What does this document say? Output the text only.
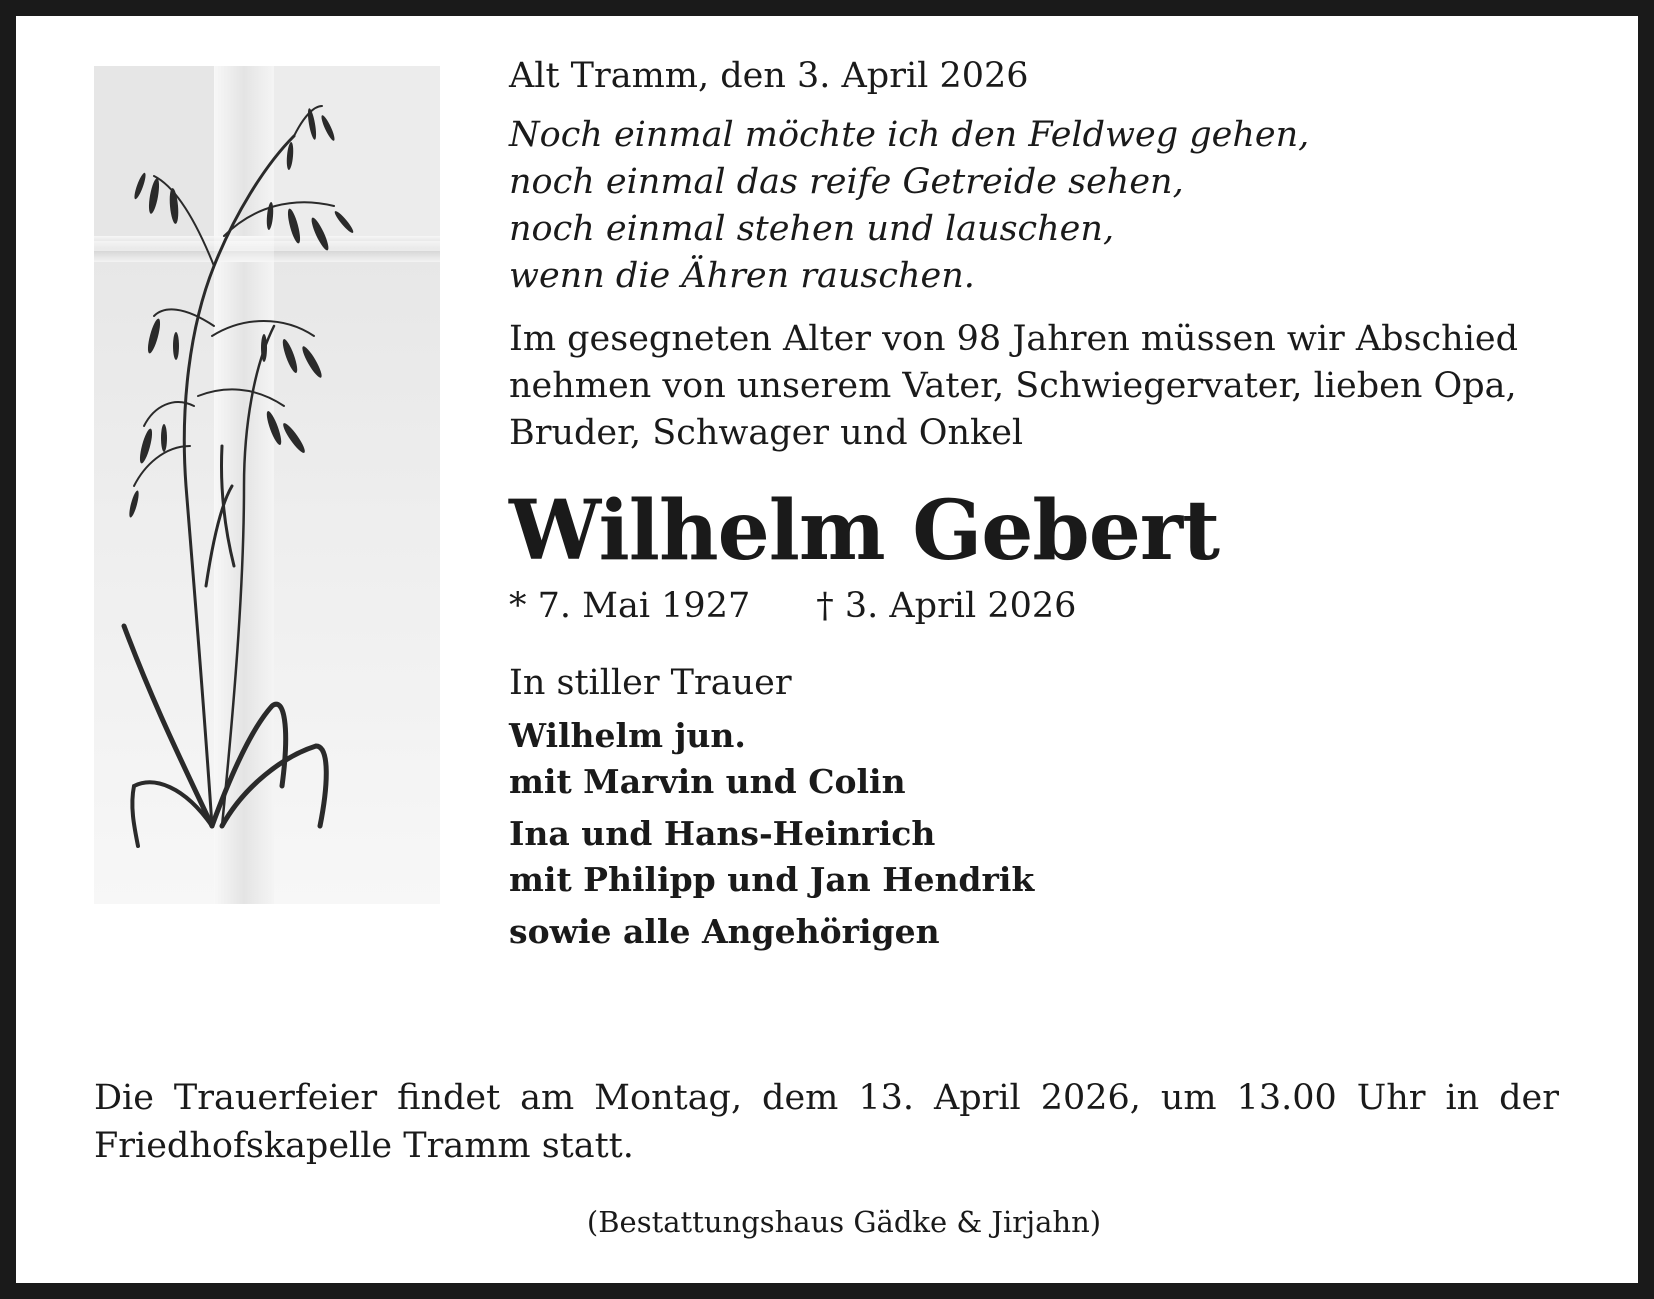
Alt Tramm, den 3. April 2026

Noch einmal möchte ich den Feldweg gehen,
noch einmal das reife Getreide sehen,
noch einmal stehen und lauschen,
wenn die Ähren rauschen.
Im gesegneten Alter von 98 Jahren müssen wir Abschied
nehmen von unserem Vater, Schwiegervater, lieben Opa,
Bruder, Schwager und Onkel
Wilhelm Gebert
* 7. Mai 1927 † 3. April 2026

In stiller Trauer

Wilhelm jun.
mit Marvin und Colin
Ina und Hans-Heinrich
mit Philipp und Jan Hendrik
sowie alle Angehörigen
Die Trauerfeier findet am Montag, dem 13. April 2026, um 13.00 Uhr in der
Friedhofskapelle Tramm statt.
(Bestattungshaus Gädke & Jirjahn)
